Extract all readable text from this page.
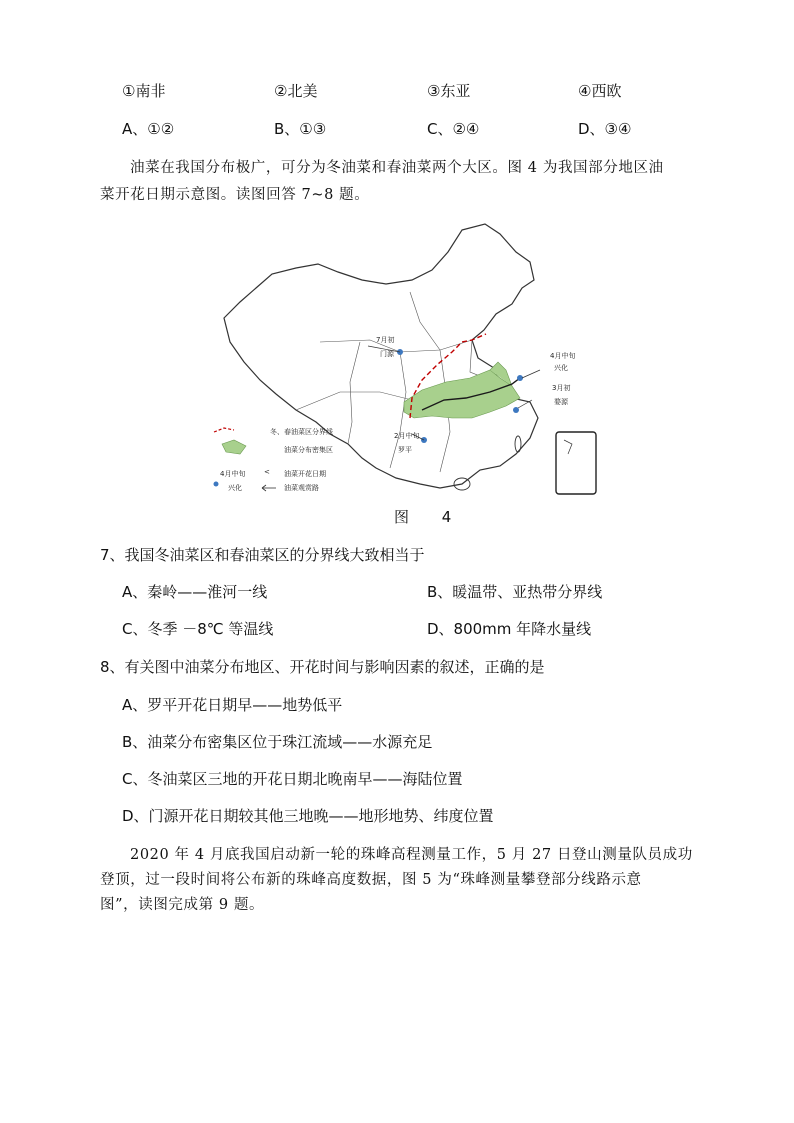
①南非	②北美	③东亚	④西欧
A、①②	B、①③	C、②④	D、③④
油菜在我国分布极广，可分为冬油菜和春油菜两个大区。图 4 为我国部分地区油
菜开花日期示意图。读图回答 7~8 题。
7月初
门源	4月中旬
兴化
3月初
婺源
2月中旬
罗平
冬、春油菜区分界线
油菜分布密集区
4月中旬
兴化
< 油菜开花日期
油菜观赏路
图 4
7、我国冬油菜区和春油菜区的分界线大致相当于
A、秦岭——淮河一线	B、暖温带、亚热带分界线
C、冬季 －8℃ 等温线	D、800mm 年降水量线
8、有关图中油菜分布地区、开花时间与影响因素的叙述，正确的是
A、罗平开花日期早——地势低平
B、油菜分布密集区位于珠江流域——水源充足
C、冬油菜区三地的开花日期北晚南早——海陆位置
D、门源开花日期较其他三地晚——地形地势、纬度位置
2020 年 4 月底我国启动新一轮的珠峰高程测量工作，5 月 27 日登山测量队员成功
登顶，过一段时间将公布新的珠峰高度数据，图 5 为“珠峰测量攀登部分线路示意
图”，读图完成第 9 题。
